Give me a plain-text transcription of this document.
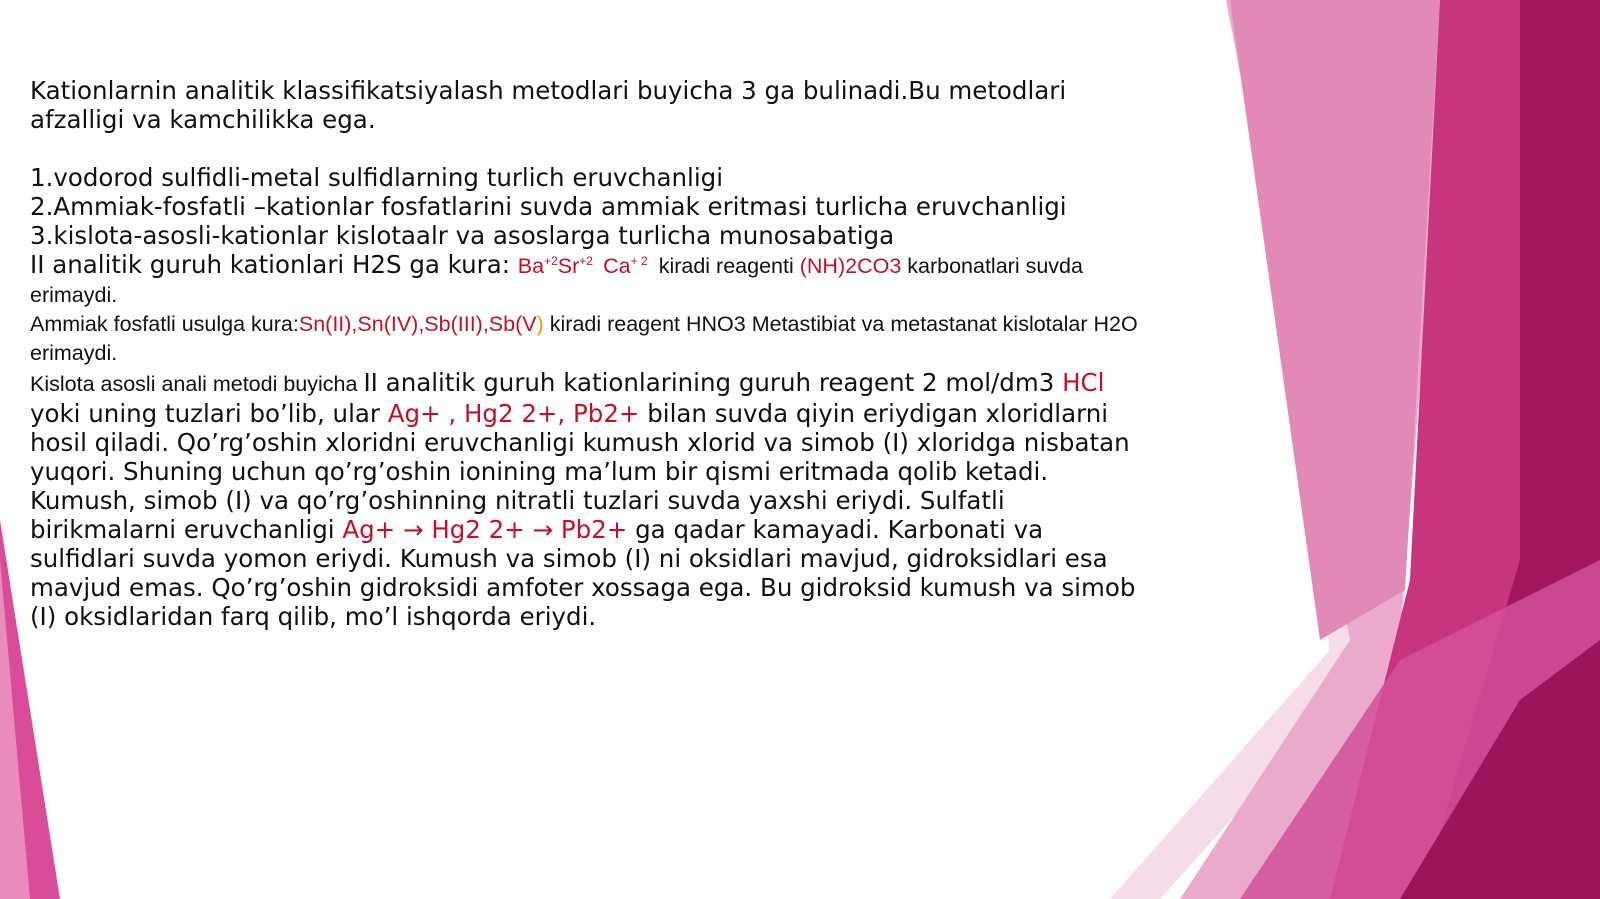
Kationlarnin analitik klassifikatsiyalash metodlari buyicha 3 ga bulinadi.Bu metodlari afzalligi va kamchilikka ega.

1.vodorod sulfidli-metal sulfidlarning turlich eruvchanligi

2.Ammiak-fosfatli –kationlar fosfatlarini suvda ammiak eritmasi turlicha eruvchanligi

3.kislota-asosli-kationlar kislotaalr va asoslarga turlicha munosabatiga

II analitik guruh kationlari H2S ga kura: $Ba^{+2}Sr^{+2}$ $Ca^{+ 2}$  kiradi reagenti (NH)2CO3 karbonatlari suvda erimaydi.

Ammiak fosfatli usulga kura:Sn(II),Sn(IV),Sb(III),Sb(V) kiradi reagent HNO3 Metastibiat va metastanat kislotalar H2O erimaydi.

Kislota asosli anali metodi buyicha II analitik guruh kationlarining guruh reagent 2 mol/dm3 HCl yoki uning tuzlari bo’lib, ular Ag+ , Hg2 2+, Pb2+ bilan suvda qiyin eriydigan xloridlarni hosil qiladi. Qo’rg’oshin xloridni eruvchanligi kumush xlorid va simob (I) xloridga nisbatan yuqori. Shuning uchun qo’rg’oshin ionining ma’lum bir qismi eritmada qolib ketadi. Kumush, simob (I) va qo’rg’oshinning nitratli tuzlari suvda yaxshi eriydi. Sulfatli birikmalarni eruvchanligi Ag+ → Hg2 2+ → Pb2+ ga qadar kamayadi. Karbonati va sulfidlari suvda yomon eriydi. Kumush va simob (I) ni oksidlari mavjud, gidroksidlari esa mavjud emas. Qo’rg’oshin gidroksidi amfoter xossaga ega. Bu gidroksid kumush va simob (I) oksidlaridan farq qilib, mo’l ishqorda eriydi.
